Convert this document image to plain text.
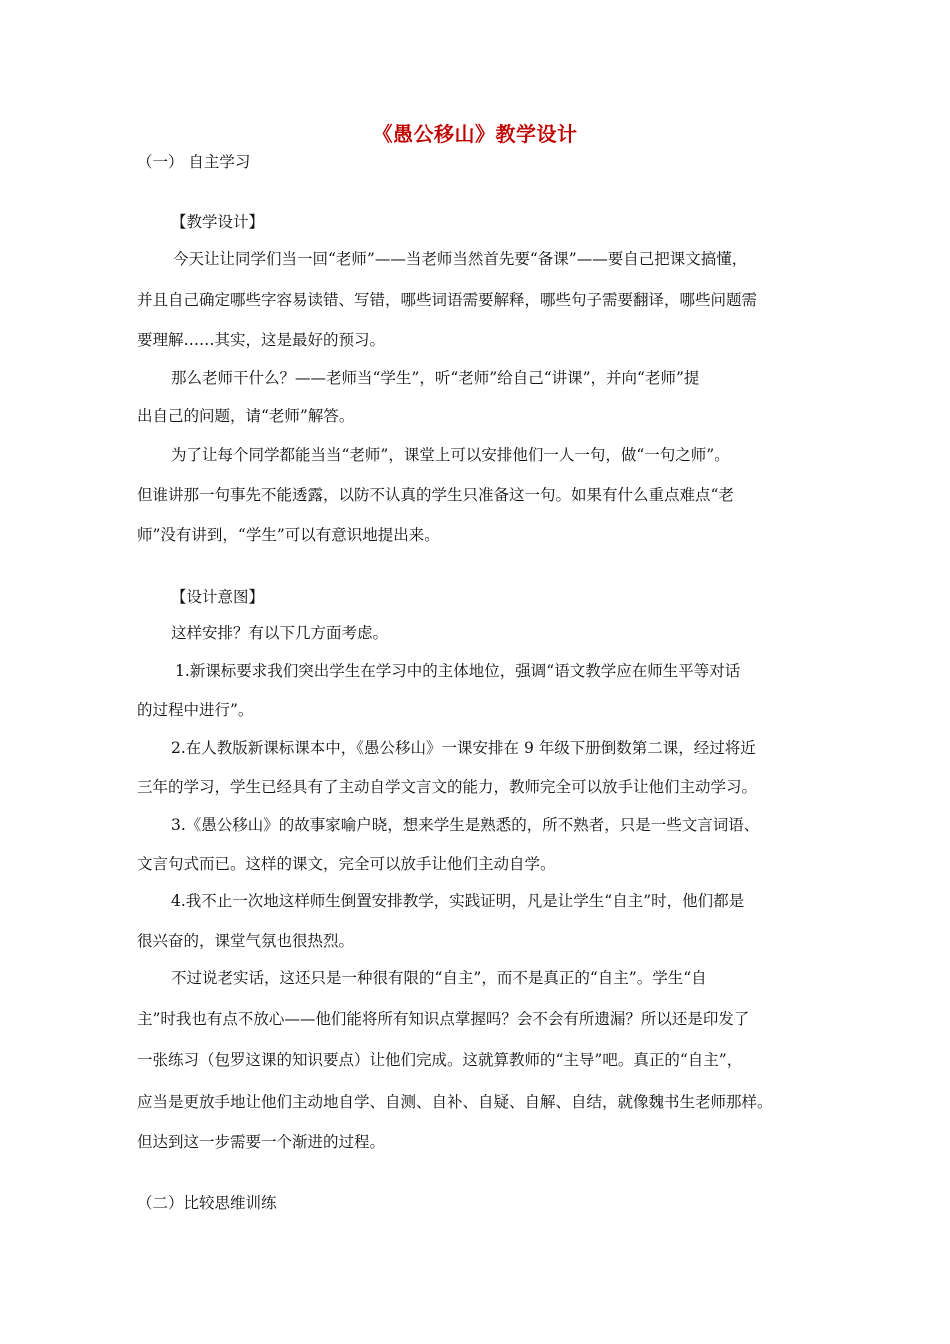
《愚公移山》教学设计
（一） 自主学习
【教学设计】
今天让让同学们当一回“老师”——当老师当然首先要“备课”——要自己把课文搞懂，
并且自己确定哪些字容易读错、写错，哪些词语需要解释，哪些句子需要翻译，哪些问题需
要理解……其实，这是最好的预习。
那么老师干什么？——老师当“学生”，听“老师”给自己“讲课”，并向“老师”提
出自己的问题，请“老师”解答。
为了让每个同学都能当当“老师”，课堂上可以安排他们一人一句，做“一句之师”。
但谁讲那一句事先不能透露，以防不认真的学生只准备这一句。如果有什么重点难点“老
师”没有讲到，“学生”可以有意识地提出来。
【设计意图】
这样安排？有以下几方面考虑。
1.新课标要求我们突出学生在学习中的主体地位，强调“语文教学应在师生平等对话
的过程中进行”。
2.在人教版新课标课本中，《愚公移山》一课安排在 9 年级下册倒数第二课，经过将近
三年的学习，学生已经具有了主动自学文言文的能力，教师完全可以放手让他们主动学习。
3.《愚公移山》的故事家喻户晓，想来学生是熟悉的，所不熟者，只是一些文言词语、
文言句式而已。这样的课文，完全可以放手让他们主动自学。
4.我不止一次地这样师生倒置安排教学，实践证明，凡是让学生“自主”时，他们都是
很兴奋的，课堂气氛也很热烈。
不过说老实话，这还只是一种很有限的“自主”，而不是真正的“自主”。学生“自
主”时我也有点不放心——他们能将所有知识点掌握吗？会不会有所遗漏？所以还是印发了
一张练习（包罗这课的知识要点）让他们完成。这就算教师的“主导”吧。真正的“自主”，
应当是更放手地让他们主动地自学、自测、自补、自疑、自解、自结，就像魏书生老师那样。
但达到这一步需要一个渐进的过程。
（二）比较思维训练
